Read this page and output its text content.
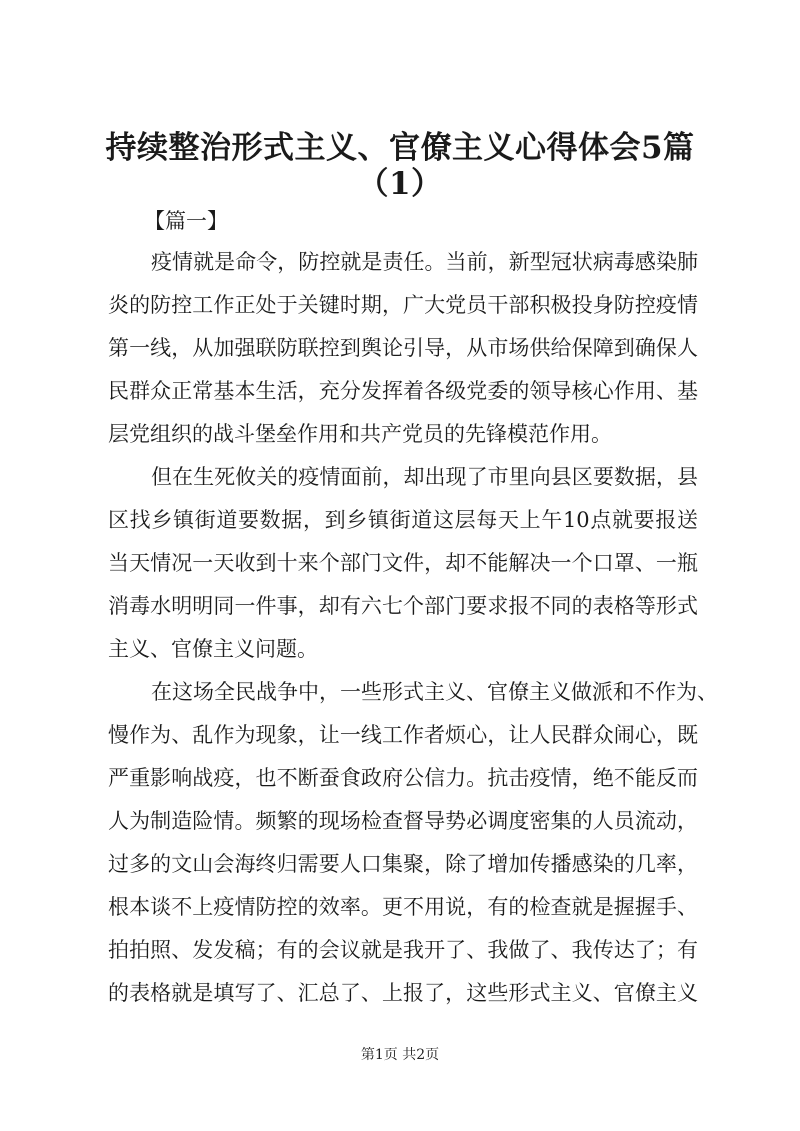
持续整治形式主义、官僚主义心得体会5篇
（1）
【篇一】
疫情就是命令，防控就是责任。当前，新型冠状病毒感染肺
炎的防控工作正处于关键时期，广大党员干部积极投身防控疫情
第一线，从加强联防联控到舆论引导，从市场供给保障到确保人
民群众正常基本生活，充分发挥着各级党委的领导核心作用、基
层党组织的战斗堡垒作用和共产党员的先锋模范作用。
但在生死攸关的疫情面前，却出现了市里向县区要数据，县
区找乡镇街道要数据，到乡镇街道这层每天上午10点就要报送
当天情况一天收到十来个部门文件，却不能解决一个口罩、一瓶
消毒水明明同一件事，却有六七个部门要求报不同的表格等形式
主义、官僚主义问题。
在这场全民战争中，一些形式主义、官僚主义做派和不作为、
慢作为、乱作为现象，让一线工作者烦心，让人民群众闹心，既
严重影响战疫，也不断蚕食政府公信力。抗击疫情，绝不能反而
人为制造险情。频繁的现场检查督导势必调度密集的人员流动，
过多的文山会海终归需要人口集聚，除了增加传播感染的几率，
根本谈不上疫情防控的效率。更不用说，有的检查就是握握手、
拍拍照、发发稿；有的会议就是我开了、我做了、我传达了；有
第1页 共2页
的表格就是填写了、汇总了、上报了，这些形式主义、官僚主义
